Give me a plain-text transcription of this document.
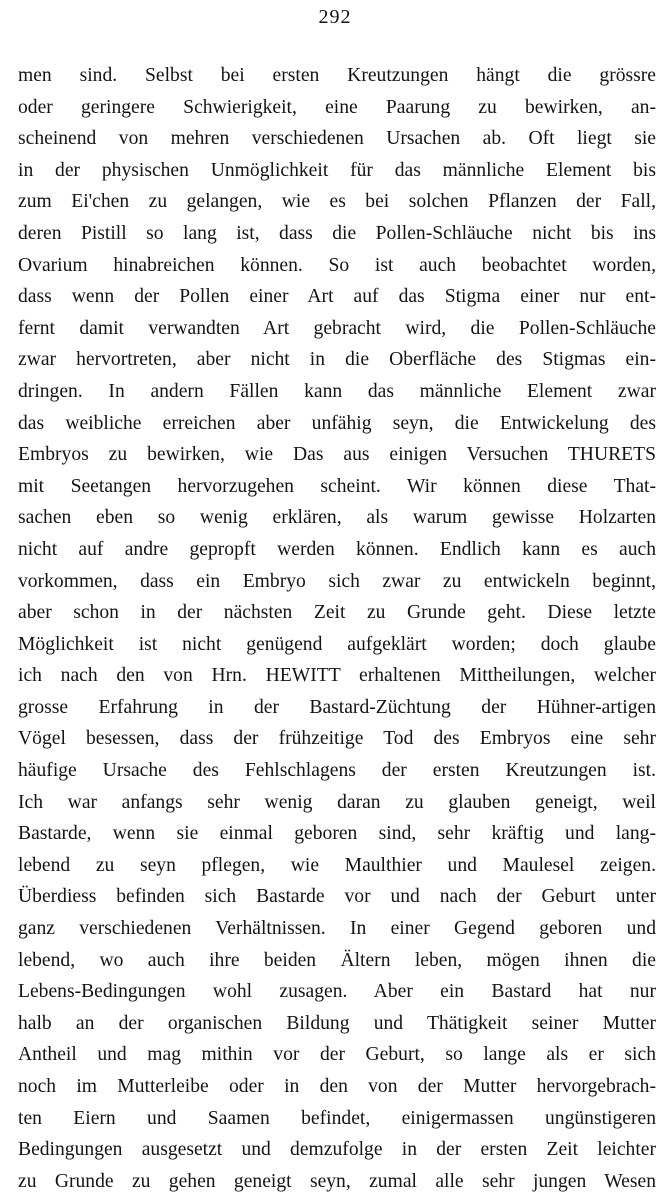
292
men sind. Selbst bei ersten Kreutzungen hängt die grössre
oder geringere Schwierigkeit, eine Paarung zu bewirken, an-
scheinend von mehren verschiedenen Ursachen ab. Oft liegt sie
in der physischen Unmöglichkeit für das männliche Element bis
zum Ei'chen zu gelangen, wie es bei solchen Pflanzen der Fall,
deren Pistill so lang ist, dass die Pollen-Schläuche nicht bis ins
Ovarium hinabreichen können. So ist auch beobachtet worden,
dass wenn der Pollen einer Art auf das Stigma einer nur ent-
fernt damit verwandten Art gebracht wird, die Pollen-Schläuche
zwar hervortreten, aber nicht in die Oberfläche des Stigmas ein-
dringen. In andern Fällen kann das männliche Element zwar
das weibliche erreichen aber unfähig seyn, die Entwickelung des
Embryos zu bewirken, wie Das aus einigen Versuchen THURETS
mit Seetangen hervorzugehen scheint. Wir können diese That-
sachen eben so wenig erklären, als warum gewisse Holzarten
nicht auf andre gepropft werden können. Endlich kann es auch
vorkommen, dass ein Embryo sich zwar zu entwickeln beginnt,
aber schon in der nächsten Zeit zu Grunde geht. Diese letzte
Möglichkeit ist nicht genügend aufgeklärt worden; doch glaube
ich nach den von Hrn. HEWITT erhaltenen Mittheilungen, welcher
grosse Erfahrung in der Bastard-Züchtung der Hühner-artigen
Vögel besessen, dass der frühzeitige Tod des Embryos eine sehr
häufige Ursache des Fehlschlagens der ersten Kreutzungen ist.
Ich war anfangs sehr wenig daran zu glauben geneigt, weil
Bastarde, wenn sie einmal geboren sind, sehr kräftig und lang-
lebend zu seyn pflegen, wie Maulthier und Maulesel zeigen.
Überdiess befinden sich Bastarde vor und nach der Geburt unter
ganz verschiedenen Verhältnissen. In einer Gegend geboren und
lebend, wo auch ihre beiden Ältern leben, mögen ihnen die
Lebens-Bedingungen wohl zusagen. Aber ein Bastard hat nur
halb an der organischen Bildung und Thätigkeit seiner Mutter
Antheil und mag mithin vor der Geburt, so lange als er sich
noch im Mutterleibe oder in den von der Mutter hervorgebrach-
ten Eiern und Saamen befindet, einigermassen ungünstigeren
Bedingungen ausgesetzt und demzufolge in der ersten Zeit leichter
zu Grunde zu gehen geneigt seyn, zumal alle sehr jungen Wesen
